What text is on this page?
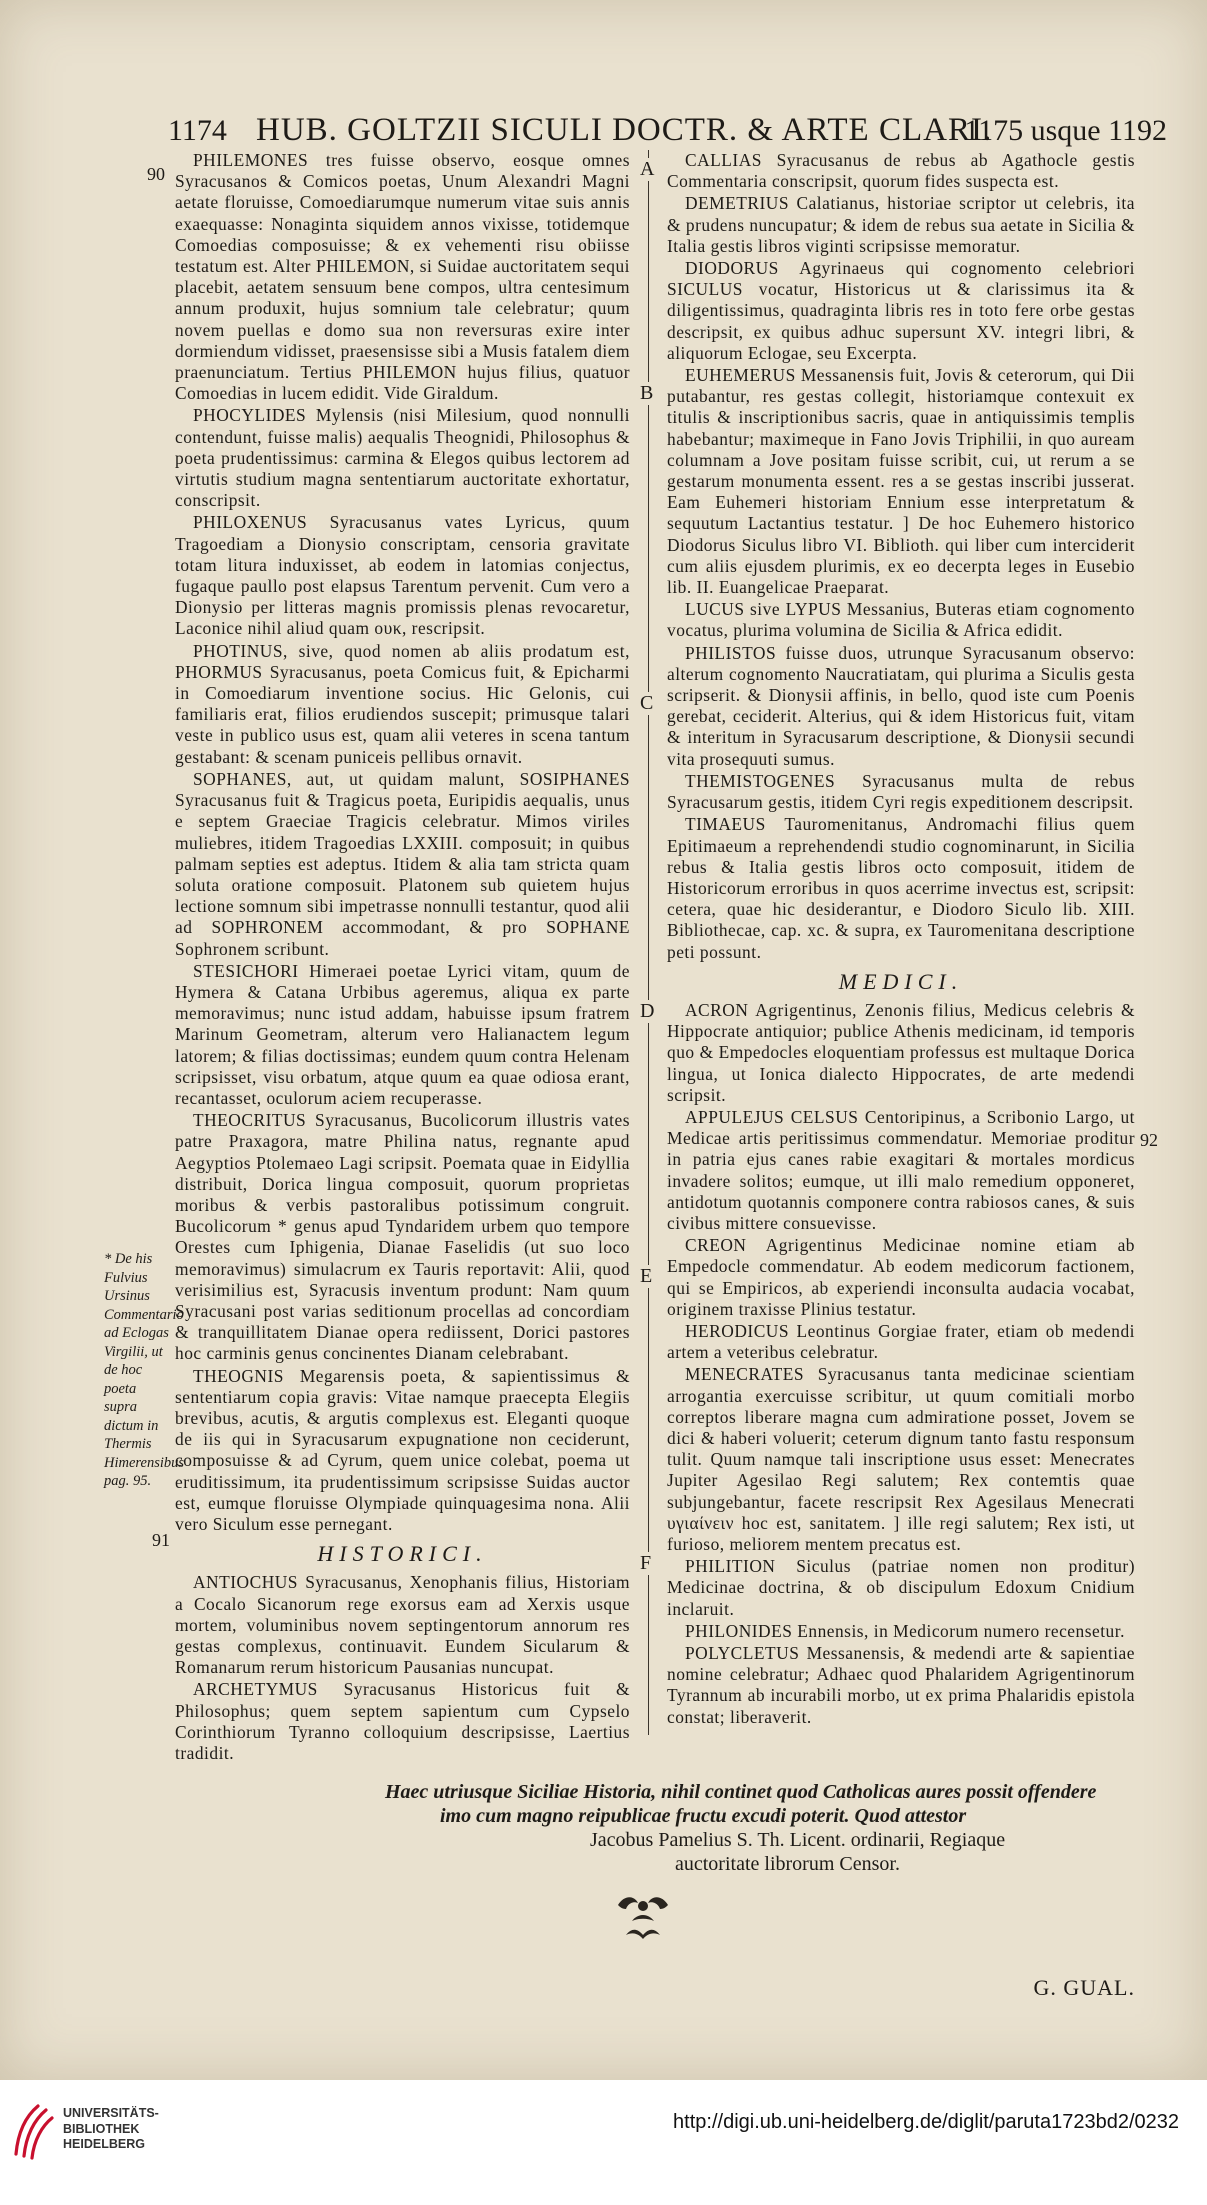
1174 HUB. GOLTZII SICULI DOCTR. & ARTE CLARI.
1175 usque 1192
90
91
92

PHILEMONES tres fuisse observo, eosque omnes Syracusanos & Comicos poetas, Unum Alexandri Magni aetate floruisse, Comoediarumque numerum vitae suis annis exaequasse: Nonaginta siquidem annos vixisse, totidemque Comoedias composuisse; & ex vehementi risu obiisse testatum est. Alter PHILEMON, si Suidae auctoritatem sequi placebit, aetatem sensuum bene compos, ultra centesimum annum produxit, hujus somnium tale celebratur; quum novem puellas e domo sua non reversuras exire inter dormiendum vidisset, praesensisse sibi a Musis fatalem diem praenunciatum. Tertius PHILEMON hujus filius, quatuor Comoedias in lucem edidit. Vide Giraldum.

PHOCYLIDES Mylensis (nisi Milesium, quod nonnulli contendunt, fuisse malis) aequalis Theognidi, Philosophus & poeta prudentissimus: carmina & Elegos quibus lectorem ad virtutis studium magna sententiarum auctoritate exhortatur, conscripsit.

PHILOXENUS Syracusanus vates Lyricus, quum Tragoediam a Dionysio conscriptam, censoria gravitate totam litura induxisset, ab eodem in latomias conjectus, fugaque paullo post elapsus Tarentum pervenit. Cum vero a Dionysio per litteras magnis promissis plenas revocaretur, Laconice nihil aliud quam ουκ, rescripsit.

PHOTINUS, sive, quod nomen ab aliis prodatum est, PHORMUS Syracusanus, poeta Comicus fuit, & Epicharmi in Comoediarum inventione socius. Hic Gelonis, cui familiaris erat, filios erudiendos suscepit; primusque talari veste in publico usus est, quam alii veteres in scena tantum gestabant: & scenam puniceis pellibus ornavit.

SOPHANES, aut, ut quidam malunt, SOSIPHANES Syracusanus fuit & Tragicus poeta, Euripidis aequalis, unus e septem Graeciae Tragicis celebratur. Mimos viriles muliebres, itidem Tragoedias LXXIII. composuit; in quibus palmam septies est adeptus. Itidem & alia tam stricta quam soluta oratione composuit. Platonem sub quietem hujus lectione somnum sibi impetrasse nonnulli testantur, quod alii ad SOPHRONEM accommodant, & pro SOPHANE Sophronem scribunt.

STESICHORI Himeraei poetae Lyrici vitam, quum de Hymera & Catana Urbibus ageremus, aliqua ex parte memoravimus; nunc istud addam, habuisse ipsum fratrem Marinum Geometram, alterum vero Halianactem legum latorem; & filias doctissimas; eundem quum contra Helenam scripsisset, visu orbatum, atque quum ea quae odiosa erant, recantasset, oculorum aciem recuperasse.

THEOCRITUS Syracusanus, Bucolicorum illustris vates patre Praxagora, matre Philina natus, regnante apud Aegyptios Ptolemaeo Lagi scripsit. Poemata quae in Eidyllia distribuit, Dorica lingua composuit, quorum proprietas moribus & verbis pastoralibus potissimum congruit. Bucolicorum * genus apud Tyndaridem urbem quo tempore Orestes cum Iphigenia, Dianae Faselidis (ut suo loco memoravimus) simulacrum ex Tauris reportavit: Alii, quod verisimilius est, Syracusis inventum produnt: Nam quum Syracusani post varias seditionum procellas ad concordiam & tranquillitatem Dianae opera rediissent, Dorici pastores hoc carminis genus concinentes Dianam celebrabant.

THEOGNIS Megarensis poeta, & sapientissimus & sententiarum copia gravis: Vitae namque praecepta Elegiis brevibus, acutis, & argutis complexus est. Eleganti quoque de iis qui in Syracusarum expugnatione non ceciderunt, composuisse & ad Cyrum, quem unice colebat, poema ut eruditissimum, ita prudentissimum scripsisse Suidas auctor est, eumque floruisse Olympiade quinquagesima nona. Alii vero Siculum esse pernegant.

HISTORICI.

ANTIOCHUS Syracusanus, Xenophanis filius, Historiam a Cocalo Sicanorum rege exorsus eam ad Xerxis usque mortem, voluminibus novem septingentorum annorum res gestas complexus, continuavit. Eundem Sicularum & Romanarum rerum historicum Pausanias nuncupat.

ARCHETYMUS Syracusanus Historicus fuit & Philosophus; quem septem sapientum cum Cypselo Corinthiorum Tyranno colloquium descripsisse, Laertius tradidit.

* De his Fulvius Ursinus Commentario ad Eclogas Virgilii, ut de hoc poeta supra dictum in Thermis Himerensibus pag. 95.
A
B
C
D
E
F

CALLIAS Syracusanus de rebus ab Agathocle gestis Commentaria conscripsit, quorum fides suspecta est.

DEMETRIUS Calatianus, historiae scriptor ut celebris, ita & prudens nuncupatur; & idem de rebus sua aetate in Sicilia & Italia gestis libros viginti scripsisse memoratur.

DIODORUS Agyrinaeus qui cognomento celebriori SICULUS vocatur, Historicus ut & clarissimus ita & diligentissimus, quadraginta libris res in toto fere orbe gestas descripsit, ex quibus adhuc supersunt XV. integri libri, & aliquorum Eclogae, seu Excerpta.

EUHEMERUS Messanensis fuit, Jovis & ceterorum, qui Dii putabantur, res gestas collegit, historiamque contexuit ex titulis & inscriptionibus sacris, quae in antiquissimis templis habebantur; maximeque in Fano Jovis Triphilii, in quo auream columnam a Jove positam fuisse scribit, cui, ut rerum a se gestarum monumenta essent. res a se gestas inscribi jusserat. Eam Euhemeri historiam Ennium esse interpretatum & sequutum Lactantius testatur. ] De hoc Euhemero historico Diodorus Siculus libro VI. Biblioth. qui liber cum interciderit cum aliis ejusdem plurimis, ex eo decerpta leges in Eusebio lib. II. Euangelicae Praeparat.

LUCUS sive LYPUS Messanius, Buteras etiam cognomento vocatus, plurima volumina de Sicilia & Africa edidit.

PHILISTOS fuisse duos, utrunque Syracusanum observo: alterum cognomento Naucratiatam, qui plurima a Siculis gesta scripserit. & Dionysii affinis, in bello, quod iste cum Poenis gerebat, ceciderit. Alterius, qui & idem Historicus fuit, vitam & interitum in Syracusarum descriptione, & Dionysii secundi vita prosequuti sumus.

THEMISTOGENES Syracusanus multa de rebus Syracusarum gestis, itidem Cyri regis expeditionem descripsit.

TIMAEUS Tauromenitanus, Andromachi filius quem Epitimaeum a reprehendendi studio cognominarunt, in Sicilia rebus & Italia gestis libros octo composuit, itidem de Historicorum erroribus in quos acerrime invectus est, scripsit: cetera, quae hic desiderantur, e Diodoro Siculo lib. XIII. Bibliothecae, cap. xc. & supra, ex Tauromenitana descriptione peti possunt.

MEDICI.

ACRON Agrigentinus, Zenonis filius, Medicus celebris & Hippocrate antiquior; publice Athenis medicinam, id temporis quo & Empedocles eloquentiam professus est multaque Dorica lingua, ut Ionica dialecto Hippocrates, de arte medendi scripsit.

APPULEJUS CELSUS Centoripinus, a Scribonio Largo, ut Medicae artis peritissimus commendatur. Memoriae proditur in patria ejus canes rabie exagitari & mortales mordicus invadere solitos; eumque, ut illi malo remedium opponeret, antidotum quotannis componere contra rabiosos canes, & suis civibus mittere consuevisse.

CREON Agrigentinus Medicinae nomine etiam ab Empedocle commendatur. Ab eodem medicorum factionem, qui se Empiricos, ab experiendi inconsulta audacia vocabat, originem traxisse Plinius testatur.

HERODICUS Leontinus Gorgiae frater, etiam ob medendi artem a veteribus celebratur.

MENECRATES Syracusanus tanta medicinae scientiam arrogantia exercuisse scribitur, ut quum comitiali morbo correptos liberare magna cum admiratione posset, Jovem se dici & haberi voluerit; ceterum dignum tanto fastu responsum tulit. Quum namque tali inscriptione usus esset: Menecrates Jupiter Agesilao Regi salutem; Rex contemtis quae subjungebantur, facete rescripsit Rex Agesilaus Menecrati υγιαίνειν hoc est, sanitatem. ] ille regi salutem; Rex isti, ut furioso, meliorem mentem precatus est.

PHILITION Siculus (patriae nomen non proditur) Medicinae doctrina, & ob discipulum Edoxum Cnidium inclaruit.

PHILONIDES Ennensis, in Medicorum numero recensetur.

POLYCLETUS Messanensis, & medendi arte & sapientiae nomine celebratur; Adhaec quod Phalaridem Agrigentinorum Tyrannum ab incurabili morbo, ut ex prima Phalaridis epistola constat; liberaverit.

Haec utriusque Siciliae Historia, nihil continet quod Catholicas aures possit offendere
imo cum magno reipublicae fructu excudi poterit. Quod attestor
Jacobus Pamelius S. Th. Licent. ordinarii, Regiaque
auctoritate librorum Censor.
G. GUAL.
UNIVERSITÄTS-
BIBLIOTHEK
HEIDELBERG
http://digi.ub.uni-heidelberg.de/diglit/paruta1723bd2/0232
